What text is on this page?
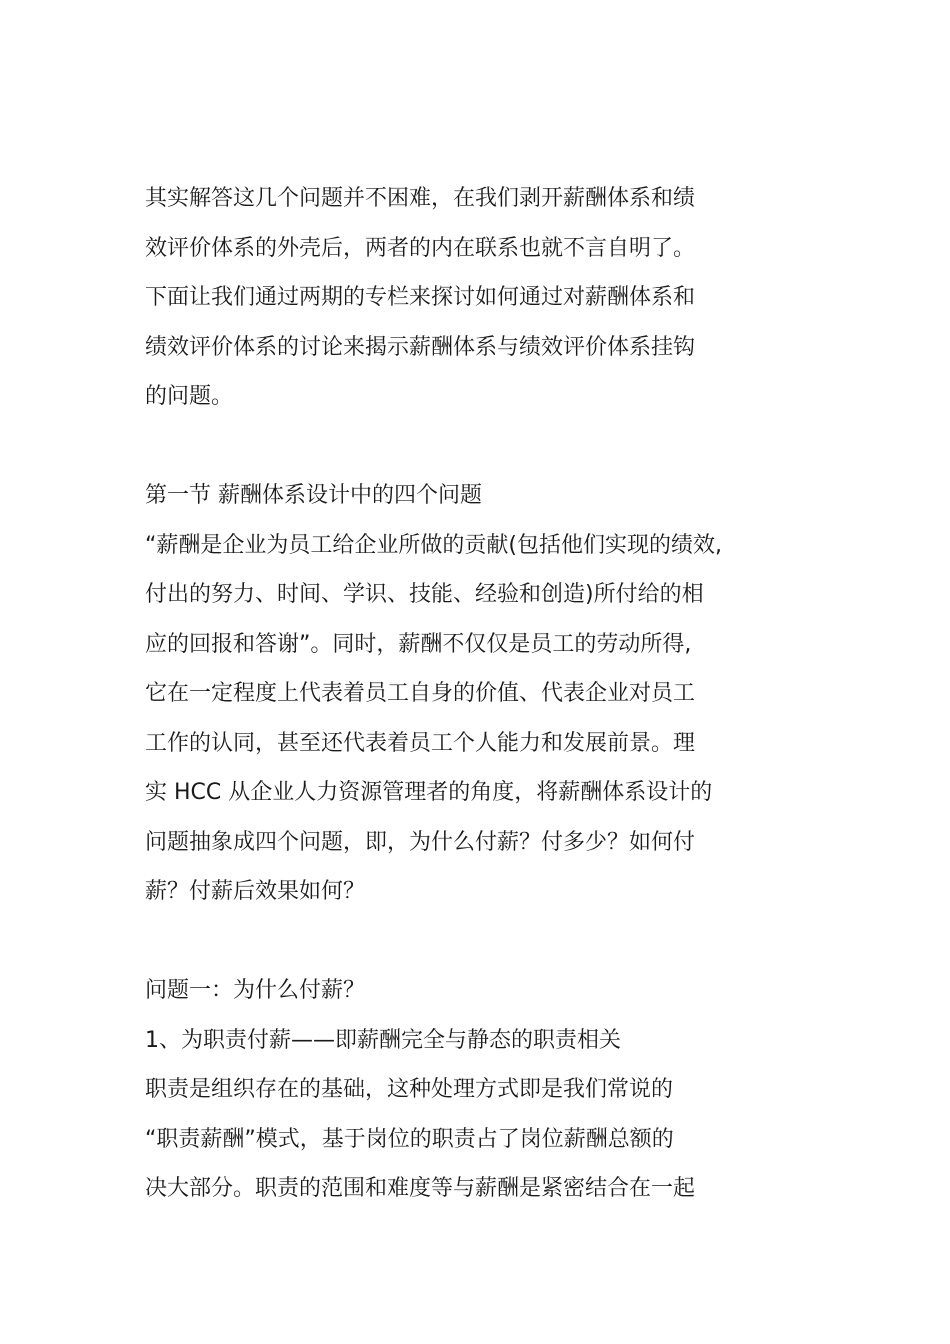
其实解答这几个问题并不困难，在我们剥开薪酬体系和绩
效评价体系的外壳后，两者的内在联系也就不言自明了。
下面让我们通过两期的专栏来探讨如何通过对薪酬体系和
绩效评价体系的讨论来揭示薪酬体系与绩效评价体系挂钩
的问题。
第一节 薪酬体系设计中的四个问题
“薪酬是企业为员工给企业所做的贡献(包括他们实现的绩效,
付出的努力、时间、学识、技能、经验和创造)所付给的相
应的回报和答谢”。同时，薪酬不仅仅是员工的劳动所得,
它在一定程度上代表着员工自身的价值、代表企业对员工
工作的认同，甚至还代表着员工个人能力和发展前景。理
实 HCC 从企业人力资源管理者的角度，将薪酬体系设计的
问题抽象成四个问题，即，为什么付薪？付多少？如何付
薪？付薪后效果如何？
问题一：为什么付薪？
1、为职责付薪——即薪酬完全与静态的职责相关
职责是组织存在的基础，这种处理方式即是我们常说的
“职责薪酬”模式，基于岗位的职责占了岗位薪酬总额的
决大部分。职责的范围和难度等与薪酬是紧密结合在一起
